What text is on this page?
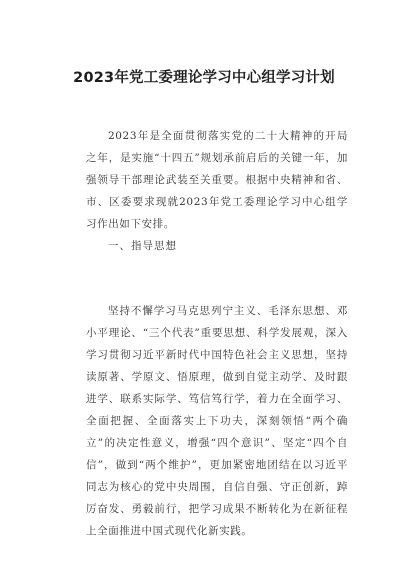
2023年党工委理论学习中心组学习计划

2023年是全面贯彻落实党的二十大精神的开局之年，是实施“十四五”规划承前启后的关键一年，加强领导干部理论武装至关重要。根据中央精神和省、市、区委要求现就2023年党工委理论学习中心组学习作出如下安排。

一、指导思想

坚持不懈学习马克思列宁主义、毛泽东思想、邓小平理论、“三个代表”重要思想、科学发展观，深入学习贯彻习近平新时代中国特色社会主义思想，坚持读原著、学原文、悟原理，做到自觉主动学、及时跟进学、联系实际学、笃信笃行学，着力在全面学习、全面把握、全面落实上下功夫，深刻领悟“两个确立”的决定性意义，增强“四个意识”、坚定“四个自信”，做到“两个维护”，更加紧密地团结在以习近平同志为核心的党中央周围，自信自强、守正创新，踔厉奋发、勇毅前行，把学习成果不断转化为在新征程上全面推进中国式现代化新实践。
